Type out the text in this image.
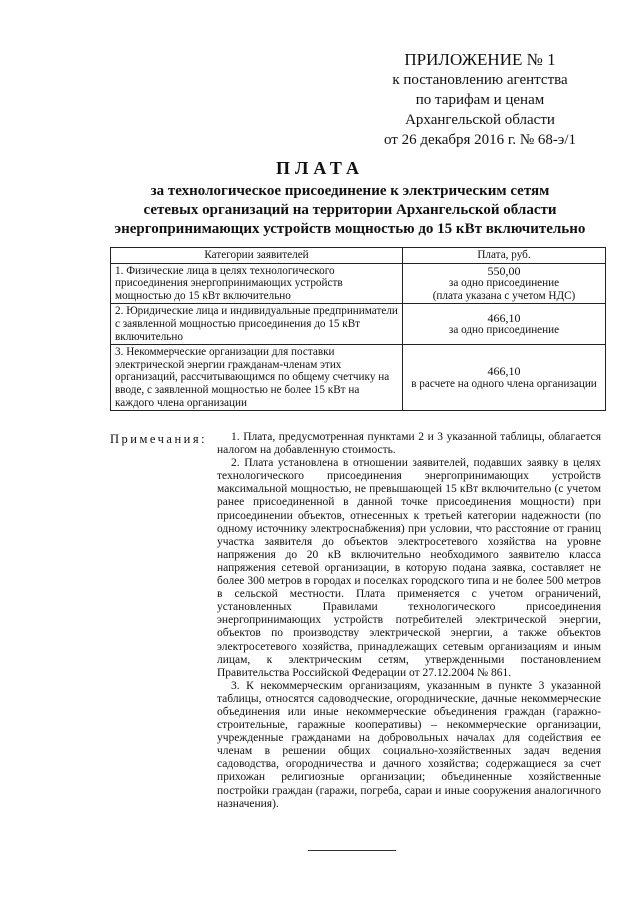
ПРИЛОЖЕНИЕ № 1
к постановлению агентства
по тарифам и ценам
Архангельской области
от 26 декабря 2016 г. № 68-э/1
ПЛАТА
за технологическое присоединение к электрическим сетям
сетевых организаций на территории Архангельской области
энергопринимающих устройств мощностью до 15 кВт включительно
Категории заявителей	Плата, руб.
1. Физические лица в целях технологического присоединения энергопринимающих устройств мощностью до 15 кВт включительно	550,00
за одно присоединение
(плата указана с учетом НДС)

2. Юридические лица и индивидуальные предприниматели с заявленной мощностью присоединения до 15 кВт включительно	466,10
за одно присоединение

3. Некоммерческие организации для поставки электрической энергии гражданам-членам этих организаций, рассчитывающимся по общему счетчику на вводе, с заявленной мощностью не более 15 кВт на каждого члена организации	466,10
в расчете на одного члена организации
Примечания:	1. Плата, предусмотренная пунктами 2 и 3 указанной таблицы, облагается налогом на добавленную стоимость.

2. Плата установлена в отношении заявителей, подавших заявку в целях технологического присоединения энергопринимающих устройств максимальной мощностью, не превышающей 15 кВт включительно (с учетом ранее присоединенной в данной точке присоединения мощности) при присоединении объектов, отнесенных к третьей категории надежности (по одному источнику электроснабжения) при условии, что расстояние от границ участка заявителя до объектов электросетевого хозяйства на уровне напряжения до 20 кВ включительно необходимого заявителю класса напряжения сетевой организации, в которую подана заявка, составляет не более 300 метров в городах и поселках городского типа и не более 500 метров в сельской местности. Плата применяется с учетом ограничений, установленных Правилами технологического присоединения энергопринимающих устройств потребителей электрической энергии, объектов по производству электрической энергии, а также объектов электросетевого хозяйства, принадлежащих сетевым организациям и иным лицам, к электрическим сетям, утвержденными постановлением Правительства Российской Федерации от 27.12.2004 № 861.

3. К некоммерческим организациям, указанным в пункте 3 указанной таблицы, относятся садоводческие, огороднические, дачные некоммерческие объединения или иные некоммерческие объединения граждан (гаражно-строительные, гаражные кооперативы) – некоммерческие организации, учрежденные гражданами на добровольных началах для содействия ее членам в решении общих социально-хозяйственных задач ведения садоводства, огородничества и дачного хозяйства; содержащиеся за счет прихожан религиозные организации; объединенные хозяйственные постройки граждан (гаражи, погреба, сараи и иные сооружения аналогичного назначения).
